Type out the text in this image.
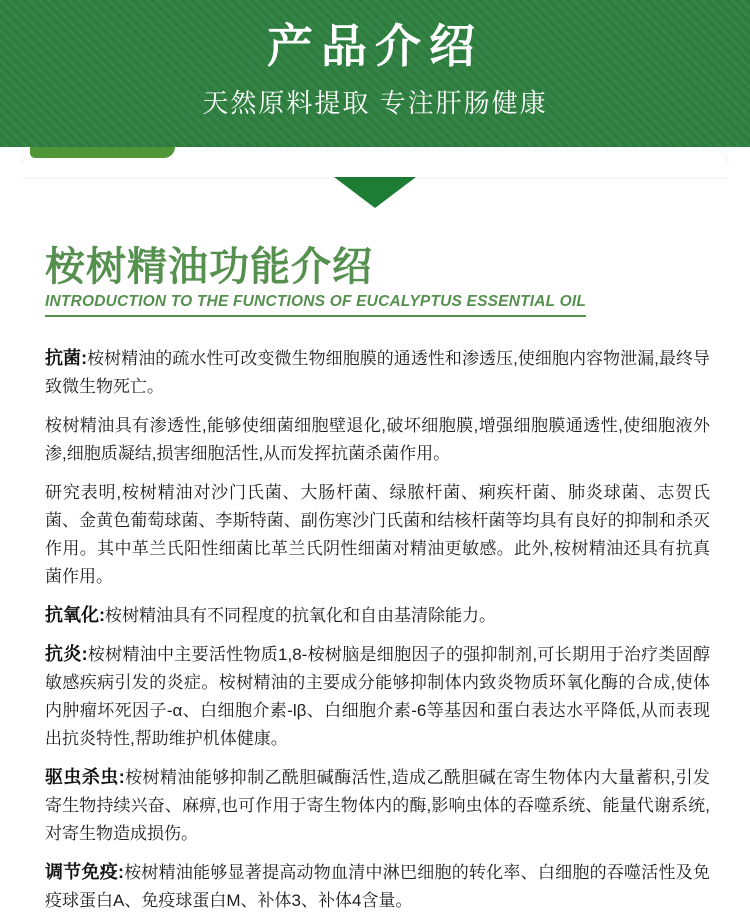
产品介绍

天然原料提取 专注肝肠健康

桉树精油功能介绍
INTRODUCTION TO THE FUNCTIONS OF EUCALYPTUS ESSENTIAL OIL

抗菌:桉树精油的疏水性可改变微生物细胞膜的通透性和渗透压,使细胞内容物泄漏,最终导致微生物死亡。

桉树精油具有渗透性,能够使细菌细胞壁退化,破坏细胞膜,增强细胞膜通透性,使细胞液外渗,细胞质凝结,损害细胞活性,从而发挥抗菌杀菌作用。

研究表明,桉树精油对沙门氏菌、大肠杆菌、绿脓杆菌、痢疾杆菌、肺炎球菌、志贺氏菌、金黄色葡萄球菌、李斯特菌、副伤寒沙门氏菌和结核杆菌等均具有良好的抑制和杀灭作用。其中革兰氏阳性细菌比革兰氏阴性细菌对精油更敏感。此外,桉树精油还具有抗真菌作用。

抗氧化:桉树精油具有不同程度的抗氧化和自由基清除能力。

抗炎:桉树精油中主要活性物质1,8-桉树脑是细胞因子的强抑制剂,可长期用于治疗类固醇敏感疾病引发的炎症。桉树精油的主要成分能够抑制体内致炎物质环氧化酶的合成,使体内肿瘤坏死因子-α、白细胞介素-lβ、白细胞介素-6等基因和蛋白表达水平降低,从而表现出抗炎特性,帮助维护机体健康。

驱虫杀虫:桉树精油能够抑制乙酰胆碱酶活性,造成乙酰胆碱在寄生物体内大量蓄积,引发寄生物持续兴奋、麻痹,也可作用于寄生物体内的酶,影响虫体的吞噬系统、能量代谢系统,对寄生物造成损伤。

调节免疫:桉树精油能够显著提高动物血清中淋巴细胞的转化率、白细胞的吞噬活性及免疫球蛋白A、免疫球蛋白M、补体3、补体4含量。
